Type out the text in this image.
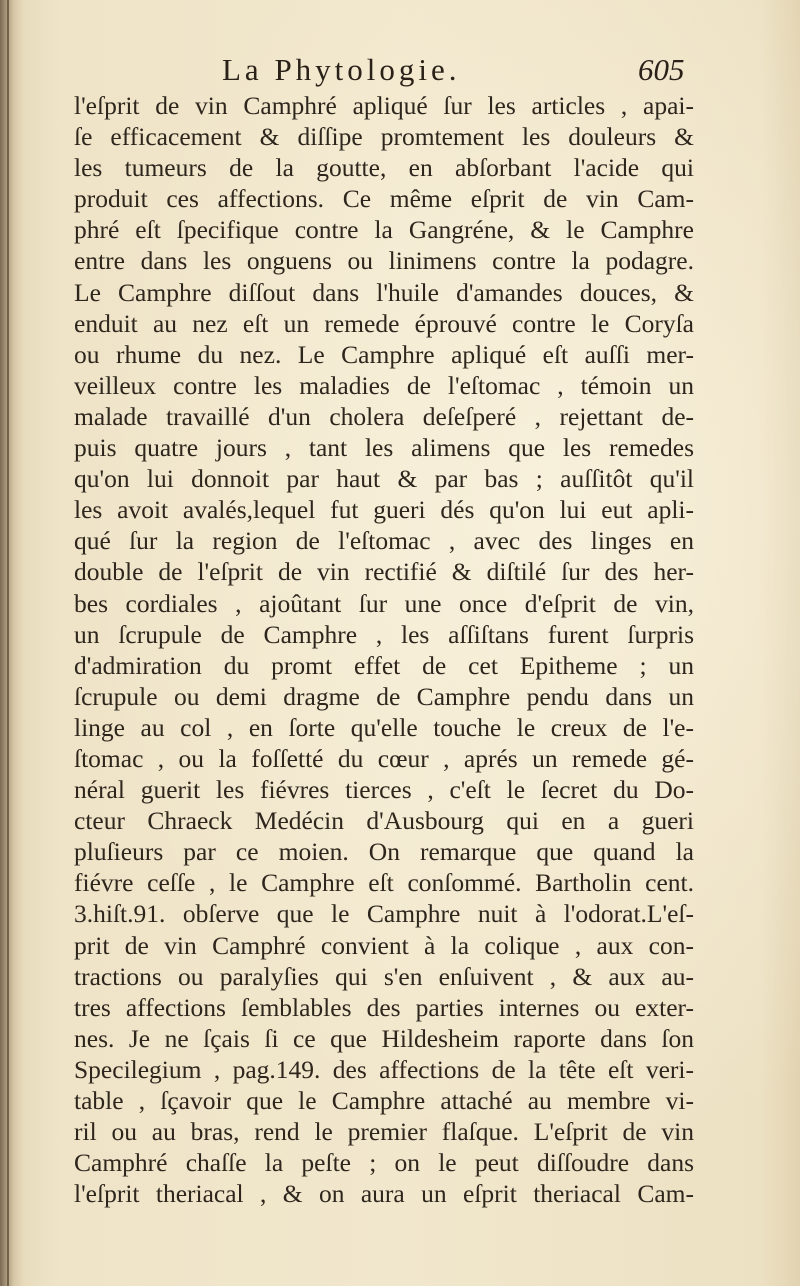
La Phytologie.	605
l'eſprit de vin Camphré apliqué ſur les articles , apai-
ſe efficacement & diſſipe promtement les douleurs &
les tumeurs de la goutte, en abſorbant l'acide qui
produit ces affections. Ce même eſprit de vin Cam-
phré eſt ſpecifique contre la Gangréne, & le Camphre
entre dans les onguens ou linimens contre la podagre.
Le Camphre diſſout dans l'huile d'amandes douces, &
enduit au nez eſt un remede éprouvé contre le Coryſa
ou rhume du nez. Le Camphre apliqué eſt auſſi mer-
veilleux contre les maladies de l'eſtomac , témoin un
malade travaillé d'un cholera deſeſperé , rejettant de-
puis quatre jours , tant les alimens que les remedes
qu'on lui donnoit par haut & par bas ; auſſitôt qu'il
les avoit avalés,lequel fut gueri dés qu'on lui eut apli-
qué ſur la region de l'eſtomac , avec des linges en
double de l'eſprit de vin rectifié & diſtilé ſur des her-
bes cordiales , ajoûtant ſur une once d'eſprit de vin,
un ſcrupule de Camphre , les aſſiſtans furent ſurpris
d'admiration du promt effet de cet Epitheme ; un
ſcrupule ou demi dragme de Camphre pendu dans un
linge au col , en ſorte qu'elle touche le creux de l'e-
ſtomac , ou la foſſetté du cœur , aprés un remede gé-
néral guerit les fiévres tierces , c'eſt le ſecret du Do-
cteur Chraeck Medécin d'Ausbourg qui en a gueri
pluſieurs par ce moien. On remarque que quand la
fiévre ceſſe , le Camphre eſt conſommé. Bartholin cent.
3.hiſt.91. obſerve que le Camphre nuit à l'odorat.L'eſ-
prit de vin Camphré convient à la colique , aux con-
tractions ou paralyſies qui s'en enſuivent , & aux au-
tres affections ſemblables des parties internes ou exter-
nes. Je ne ſçais ſi ce que Hildesheim raporte dans ſon
Specilegium , pag.149. des affections de la tête eſt veri-
table , ſçavoir que le Camphre attaché au membre vi-
ril ou au bras, rend le premier flaſque. L'eſprit de vin
Camphré chaſſe la peſte ; on le peut diſſoudre dans
l'eſprit theriacal , & on aura un eſprit theriacal Cam-
